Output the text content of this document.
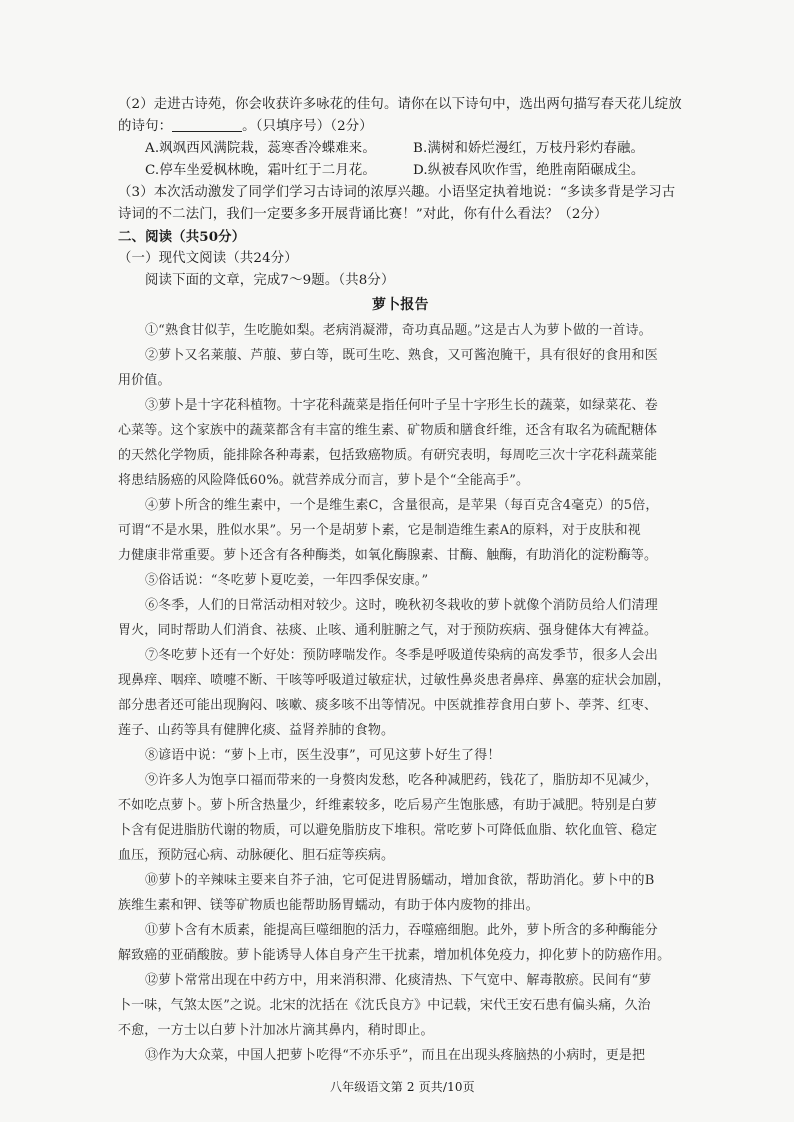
（2）走进古诗苑，你会收获许多咏花的佳句。请你在以下诗句中，选出两句描写春天花儿绽放
的诗句：	。（只填序号）（2分）
A.飒飒西风满院栽，蕊寒香冷蝶难来。	B.满树和娇烂漫红，万枝丹彩灼春融。
C.停车坐爱枫林晚，霜叶红于二月花。	D.纵被春风吹作雪，绝胜南陌碾成尘。
（3）本次活动激发了同学们学习古诗词的浓厚兴趣。小语坚定执着地说：“多读多背是学习古
诗词的不二法门，我们一定要多多开展背诵比赛！”对此，你有什么看法？（2分）
二、阅读（共50分）
（一）现代文阅读（共24分）
阅读下面的文章，完成7～9题。（共8分）
萝卜报告
①“熟食甘似芋，生吃脆如梨。老病消凝滞，奇功真品题。”这是古人为萝卜做的一首诗。
②萝卜又名莱菔、芦菔、萝白等，既可生吃、熟食，又可酱泡腌干，具有很好的食用和医
用价值。
③萝卜是十字花科植物。十字花科蔬菜是指任何叶子呈十字形生长的蔬菜，如绿菜花、卷
心菜等。这个家族中的蔬菜都含有丰富的维生素、矿物质和膳食纤维，还含有取名为硫配糖体
的天然化学物质，能排除各种毒素，包括致癌物质。有研究表明，每周吃三次十字花科蔬菜能
将患结肠癌的风险降低60%。就营养成分而言，萝卜是个“全能高手”。
④萝卜所含的维生素中，一个是维生素C，含量很高，是苹果（每百克含4毫克）的5倍，
可谓“不是水果，胜似水果”。另一个是胡萝卜素，它是制造维生素A的原料，对于皮肤和视
力健康非常重要。萝卜还含有各种酶类，如氧化酶腺素、甘酶、触酶，有助消化的淀粉酶等。
⑤俗话说：“冬吃萝卜夏吃姜，一年四季保安康。”
⑥冬季，人们的日常活动相对较少。这时，晚秋初冬栽收的萝卜就像个消防员给人们清理
胃火，同时帮助人们消食、祛痰、止咳、通利脏腑之气，对于预防疾病、强身健体大有裨益。
⑦冬吃萝卜还有一个好处：预防哮喘发作。冬季是呼吸道传染病的高发季节，很多人会出
现鼻痒、咽痒、喷嚏不断、干咳等呼吸道过敏症状，过敏性鼻炎患者鼻痒、鼻塞的症状会加剧，
部分患者还可能出现胸闷、咳嗽、痰多咳不出等情况。中医就推荐食用白萝卜、荸荠、红枣、
莲子、山药等具有健脾化痰、益肾养肺的食物。
⑧谚语中说：“萝卜上市，医生没事”，可见这萝卜好生了得！
⑨许多人为饱享口福而带来的一身赘肉发愁，吃各种减肥药，钱花了，脂肪却不见减少，
不如吃点萝卜。萝卜所含热量少，纤维素较多，吃后易产生饱胀感，有助于减肥。特别是白萝
卜含有促进脂肪代谢的物质，可以避免脂肪皮下堆积。常吃萝卜可降低血脂、软化血管、稳定
血压，预防冠心病、动脉硬化、胆石症等疾病。
⑩萝卜的辛辣味主要来自芥子油，它可促进胃肠蠕动，增加食欲，帮助消化。萝卜中的B
族维生素和钾、镁等矿物质也能帮助肠胃蠕动，有助于体内废物的排出。
⑪萝卜含有木质素，能提高巨噬细胞的活力，吞噬癌细胞。此外，萝卜所含的多种酶能分
解致癌的亚硝酸胺。萝卜能诱导人体自身产生干扰素，增加机体免疫力，抑化萝卜的防癌作用。
⑫萝卜常常出现在中药方中，用来消积滞、化痰清热、下气宽中、解毒散瘀。民间有“萝
卜一味，气煞太医”之说。北宋的沈括在《沈氏良方》中记载，宋代王安石患有偏头痛，久治
不愈，一方士以白萝卜汁加冰片滴其鼻内，稍时即止。
⑬作为大众菜，中国人把萝卜吃得“不亦乐乎”，而且在出现头疼脑热的小病时，更是把
八年级语文第 2 页共/10页
